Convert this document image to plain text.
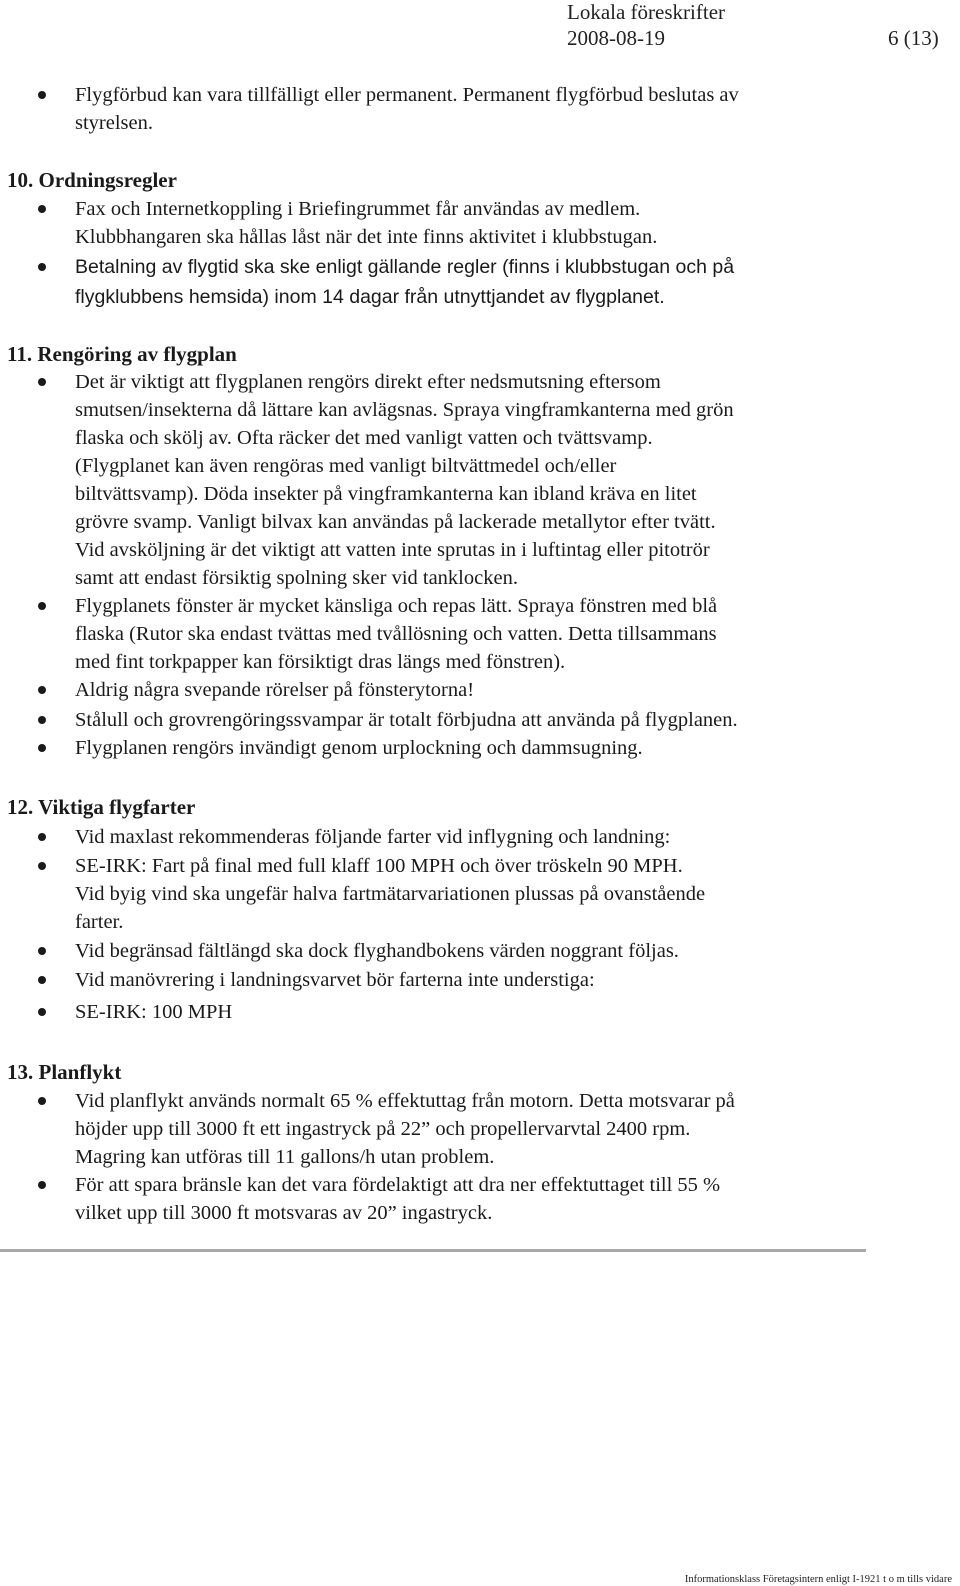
Lokala föreskrifter
2008-08-19	6 (13)
Flygförbud kan vara tillfälligt eller permanent. Permanent flygförbud beslutas av
styrelsen.
10. Ordningsregler
Fax och Internetkoppling i Briefingrummet får användas av medlem.
Klubbhangaren ska hållas låst när det inte finns aktivitet i klubbstugan.
Betalning av flygtid ska ske enligt gällande regler (finns i klubbstugan och på
flygklubbens hemsida) inom 14 dagar från utnyttjandet av flygplanet.
11. Rengöring av flygplan
Det är viktigt att flygplanen rengörs direkt efter nedsmutsning eftersom
smutsen/insekterna då lättare kan avlägsnas. Spraya vingframkanterna med grön
flaska och skölj av. Ofta räcker det med vanligt vatten och tvättsvamp.
(Flygplanet kan även rengöras med vanligt biltvättmedel och/eller
biltvättsvamp). Döda insekter på vingframkanterna kan ibland kräva en litet
grövre svamp. Vanligt bilvax kan användas på lackerade metallytor efter tvätt.
Vid avsköljning är det viktigt att vatten inte sprutas in i luftintag eller pitotrör
samt att endast försiktig spolning sker vid tanklocken.
Flygplanets fönster är mycket känsliga och repas lätt. Spraya fönstren med blå
flaska (Rutor ska endast tvättas med tvållösning och vatten. Detta tillsammans
med fint torkpapper kan försiktigt dras längs med fönstren).
Aldrig några svepande rörelser på fönsterytorna!
Stålull och grovrengöringssvampar är totalt förbjudna att använda på flygplanen.
Flygplanen rengörs invändigt genom urplockning och dammsugning.
12. Viktiga flygfarter
Vid maxlast rekommenderas följande farter vid inflygning och landning:
SE-IRK: Fart på final med full klaff 100 MPH och över tröskeln 90 MPH.
Vid byig vind ska ungefär halva fartmätarvariationen plussas på ovanstående
farter.
Vid begränsad fältlängd ska dock flyghandbokens värden noggrant följas.
Vid manövrering i landningsvarvet bör farterna inte understiga:
SE-IRK: 100 MPH
13. Planflykt
Vid planflykt används normalt 65 % effektuttag från motorn. Detta motsvarar på
höjder upp till 3000 ft ett ingastryck på 22” och propellervarvtal 2400 rpm.
Magring kan utföras till 11 gallons/h utan problem.
För att spara bränsle kan det vara fördelaktigt att dra ner effektuttaget till 55 %
vilket upp till 3000 ft motsvaras av 20” ingastryck.
Informationsklass Företagsintern enligt I-1921 t o m tills vidare
